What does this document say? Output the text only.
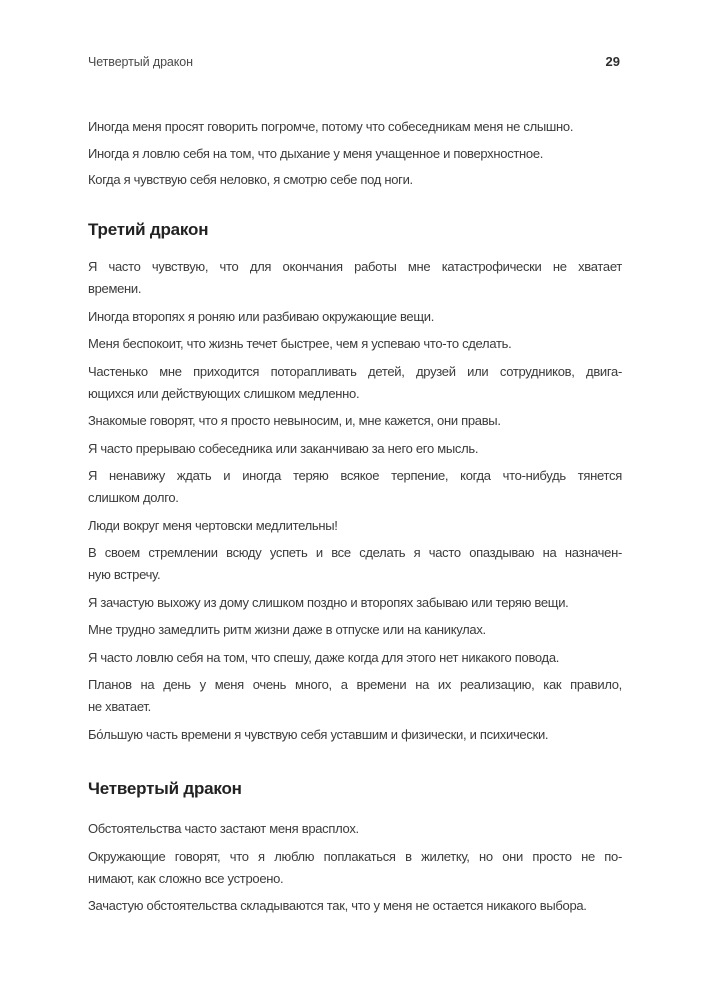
Четвертый дракон	29
Иногда меня просят говорить погромче, потому что собеседникам меня не слышно.
Иногда я ловлю себя на том, что дыхание у меня учащенное и поверхностное.
Когда я чувствую себя неловко, я смотрю себе под ноги.
Третий дракон
Я часто чувствую, что для окончания работы мне катастрофически не хватает
времени.
Иногда второпях я роняю или разбиваю окружающие вещи.
Меня беспокоит, что жизнь течет быстрее, чем я успеваю что-то сделать.
Частенько мне приходится поторапливать детей, друзей или сотрудников, двига-
ющихся или действующих слишком медленно.
Знакомые говорят, что я просто невыносим, и, мне кажется, они правы.
Я часто прерываю собеседника или заканчиваю за него его мысль.
Я ненавижу ждать и иногда теряю всякое терпение, когда что-нибудь тянется
слишком долго.
Люди вокруг меня чертовски медлительны!
В своем стремлении всюду успеть и все сделать я часто опаздываю на назначен-
ную встречу.
Я зачастую выхожу из дому слишком поздно и второпях забываю или теряю вещи.
Мне трудно замедлить ритм жизни даже в отпуске или на каникулах.
Я часто ловлю себя на том, что спешу, даже когда для этого нет никакого повода.
Планов на день у меня очень много, а времени на их реализацию, как правило,
не хватает.
Бо́льшую часть времени я чувствую себя уставшим и физически, и психически.
Четвертый дракон
Обстоятельства часто застают меня врасплох.
Окружающие говорят, что я люблю поплакаться в жилетку, но они просто не по-
нимают, как сложно все устроено.
Зачастую обстоятельства складываются так, что у меня не остается никакого выбора.
